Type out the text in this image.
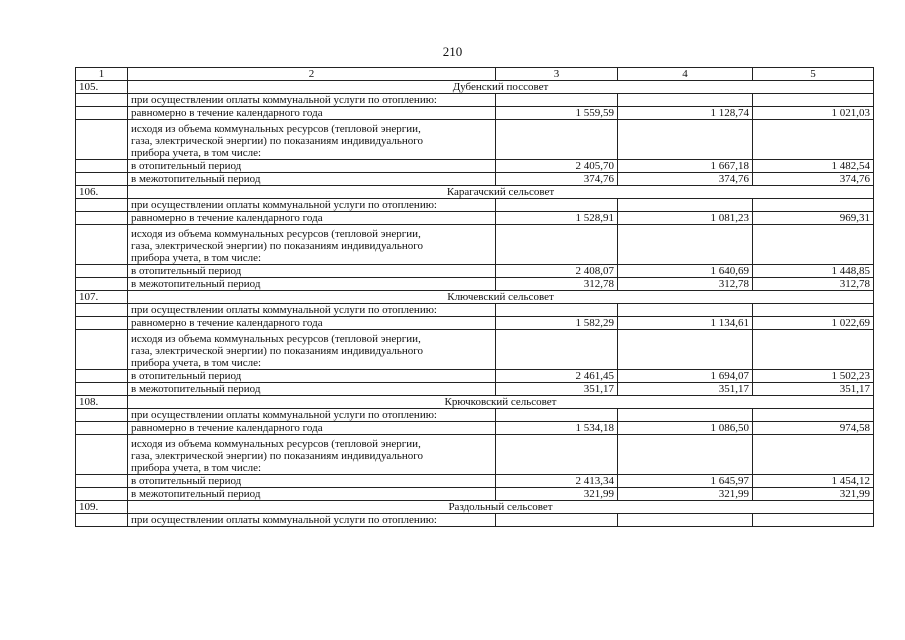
210
1	2	3	4	5
105.	Дубенский поссовет			
	при осуществлении оплаты коммунальной услуги по отоплению:			
	равномерно в течение календарного года	1 559,59	1 128,74	1 021,03

	исходя из объема коммунальных ресурсов (тепловой энергии,
газа, электрической энергии) по показаниям индивидуального
прибора учета, в том числе:			

	в отопительный период	2 405,70	1 667,18	1 482,54
	в межотопительный период	374,76	374,76	374,76
106.	Карагачский сельсовет			
	при осуществлении оплаты коммунальной услуги по отоплению:			
	равномерно в течение календарного года	1 528,91	1 081,23	969,31

	исходя из объема коммунальных ресурсов (тепловой энергии,
газа, электрической энергии) по показаниям индивидуального
прибора учета, в том числе:			

	в отопительный период	2 408,07	1 640,69	1 448,85
	в межотопительный период	312,78	312,78	312,78
107.	Ключевский сельсовет			
	при осуществлении оплаты коммунальной услуги по отоплению:			
	равномерно в течение календарного года	1 582,29	1 134,61	1 022,69

	исходя из объема коммунальных ресурсов (тепловой энергии,
газа, электрической энергии) по показаниям индивидуального
прибора учета, в том числе:			

	в отопительный период	2 461,45	1 694,07	1 502,23
	в межотопительный период	351,17	351,17	351,17
108.	Крючковский сельсовет			
	при осуществлении оплаты коммунальной услуги по отоплению:			
	равномерно в течение календарного года	1 534,18	1 086,50	974,58

	исходя из объема коммунальных ресурсов (тепловой энергии,
газа, электрической энергии) по показаниям индивидуального
прибора учета, в том числе:			

	в отопительный период	2 413,34	1 645,97	1 454,12
	в межотопительный период	321,99	321,99	321,99
109.	Раздольный сельсовет			
	при осуществлении оплаты коммунальной услуги по отоплению:			
